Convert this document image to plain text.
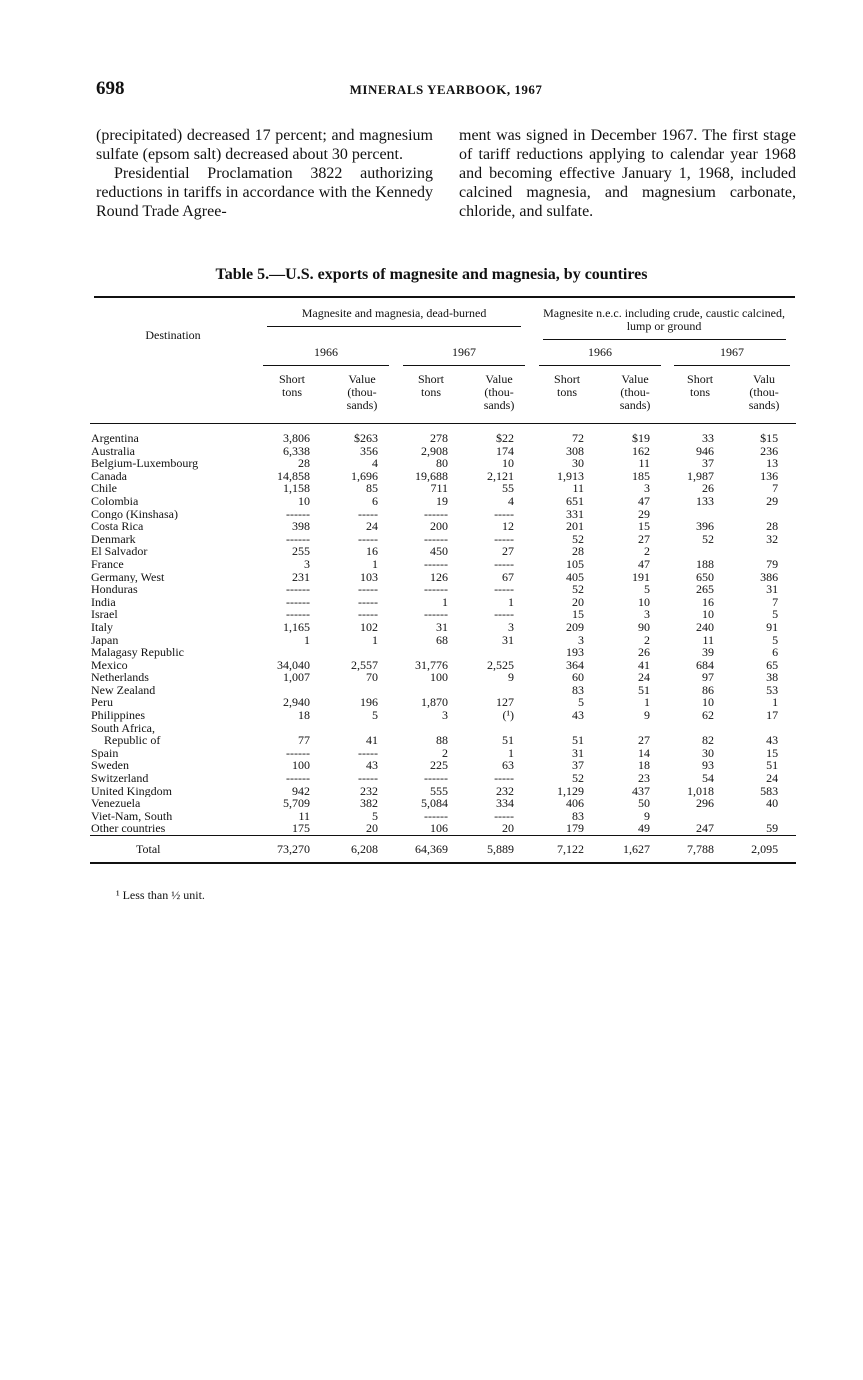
698	MINERALS YEARBOOK, 1967

(precipitated) decreased 17 percent; and magnesium sulfate (epsom salt) decreased about 30 percent.

Presidential Proclamation 3822 authorizing reductions in tariffs in accordance with the Kennedy Round Trade Agree-

ment was signed in December 1967. The first stage of tariff reductions applying to calendar year 1968 and becoming effective January 1, 1968, included calcined magnesia, and magnesium carbonate, chloride, and sulfate.

Table 5.—U.S. exports of magnesite and magnesia, by countires
Destination	Magnesite and magnesia, dead-burned				Magnesite n.e.c. including crude, caustic calcined, lump or ground			
	1966		1967		1966		1967	
	Short
tons	Value
(thou-
sands)	Short
tons	Value
(thou-
sands)	Short
tons	Value
(thou-
sands)	Short
tons	Valu
(thou-
sands)

Argentina	3,806	$263	278	$22	72	$19	33	$15
Australia	6,338	356	2,908	174	308	162	946	236
Belgium-Luxembourg	28	4	80	10	30	11	37	13
Canada	14,858	1,696	19,688	2,121	1,913	185	1,987	136
Chile	1,158	85	711	55	11	3	26	7
Colombia	10	6	19	4	651	47	133	29
Congo (Kinshasa)	------	-----	------	-----	331	29		
Costa Rica	398	24	200	12	201	15	396	28
Denmark	------	-----	------	-----	52	27	52	32
El Salvador	255	16	450	27	28	2		
France	3	1	------	-----	105	47	188	79
Germany, West	231	103	126	67	405	191	650	386
Honduras	------	-----	------	-----	52	5	265	31
India	------	-----	1	1	20	10	16	7
Israel	------	-----	------	-----	15	3	10	5
Italy	1,165	102	31	3	209	90	240	91
Japan	1	1	68	31	3	2	11	5
Malagasy Republic					193	26	39	6
Mexico	34,040	2,557	31,776	2,525	364	41	684	65
Netherlands	1,007	70	100	9	60	24	97	38
New Zealand					83	51	86	53
Peru	2,940	196	1,870	127	5	1	10	1
Philippines	18	5	3	(¹)	43	9	62	17
South Africa,								
Republic of	77	41	88	51	51	27	82	43
Spain	------	-----	2	1	31	14	30	15
Sweden	100	43	225	63	37	18	93	51
Switzerland	------	-----	------	-----	52	23	54	24
United Kingdom	942	232	555	232	1,129	437	1,018	583
Venezuela	5,709	382	5,084	334	406	50	296	40
Viet-Nam, South	11	5	------	-----	83	9		
Other countries	175	20	106	20	179	49	247	59
Total	73,270	6,208	64,369	5,889	7,122	1,627	7,788	2,095
¹ Less than ½ unit.
